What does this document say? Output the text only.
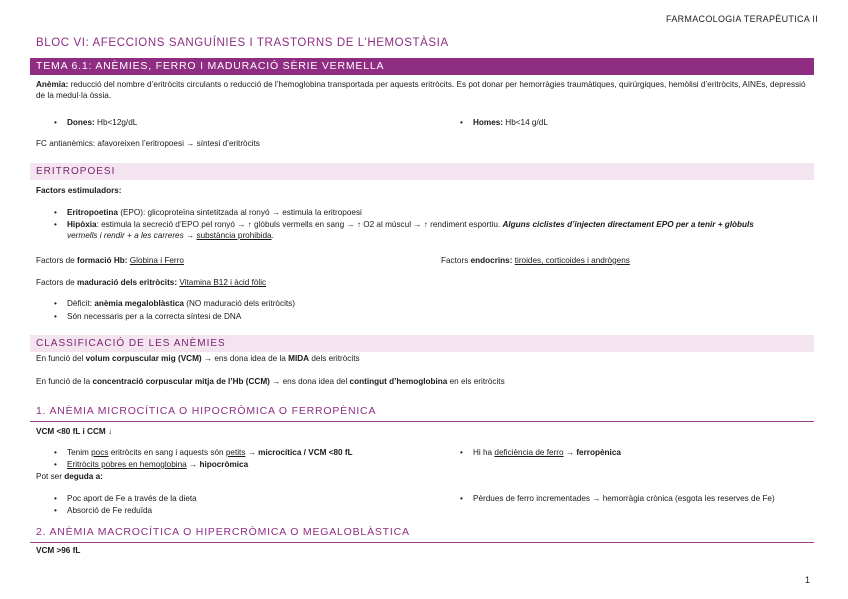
FARMACOLOGIA TERAPÈUTICA II
BLOC VI: AFECCIONS SANGUÍNIES I TRASTORNS DE L’HEMOSTÀSIA
TEMA 6.1: ANÈMIES, FERRO I MADURACIÓ SÈRIE VERMELLA
Anèmia: reducció del nombre d’eritròcits circulants o reducció de l’hemoglobina transportada per aquests eritròcits. Es pot donar per hemorràgies traumàtiques, quirúrgiques, hemòlisi d’eritròcits, AINEs, depressió de la medul·la òssia.
• Dones: Hb<12g/dL
•	Homes: Hb<14 g/dL
FC antianèmics: afavoreixen l’eritropoesi → síntesi d’eritròcits
ERITROPOESI
Factors estimuladors:
• Eritropoetina (EPO): glicoproteïna sintetitzada al ronyó → estimula la eritropoesi
• Hipòxia: estimula la secreció d’EPO pel ronyó → ↑ glòbuls vermells en sang → ↑ O2 al múscul → ↑ rendiment esportiu. Alguns ciclistes d’injecten directament EPO per a tenir + glòbuls
vermells i rendir + a les carreres → substància prohibida.
Factors de formació Hb: Globina i Ferro	Factors endocrins: tiroides, corticoides i andrògens
Factors de maduració dels eritròcits: Vitamina B12 i àcid fòlic
• Dèficit: anèmia megaloblàstica (NO maduració dels eritròcits)
• Són necessaris per a la correcta síntesi de DNA
CLASSIFICACIÓ DE LES ANÈMIES
En funció del volum corpuscular mig (VCM) → ens dona idea de la MIDA dels eritròcits
En funció de la concentració corpuscular mitja de l’Hb (CCM) → ens dona idea del contingut d’hemoglobina en els eritròcits
1. ANÈMIA MICROCÍTICA O HIPOCRÒMICA O FERROPÈNICA
VCM <80 fL i CCM ↓
• Tenim pocs eritròcits en sang i aquests són petits → microcítica / VCM <80 fL
• Eritròcits pobres en hemoglobina → hipocròmica
• Hi ha deficiència de ferro → ferropènica
Pot ser deguda a:
• Poc aport de Fe a través de la dieta
• Absorció de Fe reduïda
• Pèrdues de ferro incrementades → hemorràgia crònica (esgota les reserves de Fe)
2. ANÈMIA MACROCÍTICA O HIPERCRÒMICA O MEGALOBLÀSTICA
VCM >96 fL
1
